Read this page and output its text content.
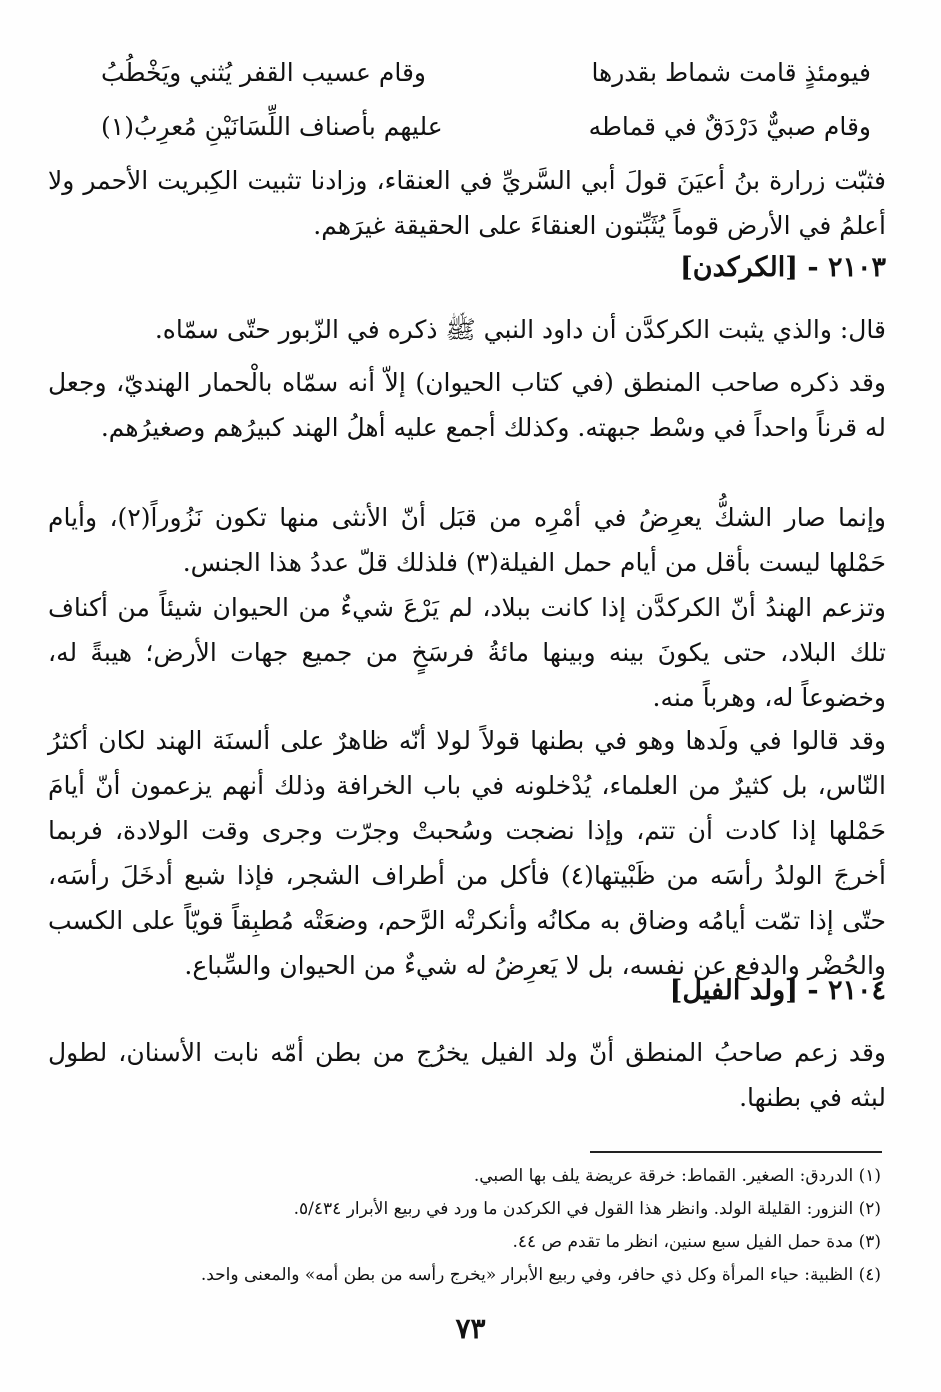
فيومئذٍ قامت شماط بقدرها
وقام عسيب القفر يُثني ويَخْطُبُ
وقام صبيٌّ دَرْدَقٌ في قماطه
عليهم بأصناف اللِّسَانَيْنِ مُعرِبُ(١)

فثبّت زرارة بنُ أعيَنَ قولَ أبي السَّريِّ في العنقاء، وزادنا تثبيت الكِبريت الأحمر ولا أعلمُ في الأرض قوماً يُثَبِّتون العنقاءَ على الحقيقة غيرَهم.

٢١٠٣ - [الكركدن]

قال: والذي يثبت الكركدَّن أن داود النبي ﷺ ذكره في الزّبور حتّى سمّاه.

وقد ذكره صاحب المنطق (في كتاب الحيوان) إلاّ أنه سمّاه بالْحمار الهنديّ، وجعل له قرناً واحداً في وسْط جبهته. وكذلك أجمع عليه أهلُ الهند كبيرُهم وصغيرُهم.

وإنما صار الشكُّ يعرِضُ في أمْرِه من قبَل أنّ الأنثى منها تكون نَزُوراً(٢)، وأيام حَمْلها ليست بأقل من أيام حمل الفيلة(٣) فلذلك قلّ عددُ هذا الجنس.

وتزعم الهندُ أنّ الكركدَّن إذا كانت ببلاد، لم يَرْعَ شيءٌ من الحيوان شيئاً من أكناف تلك البلاد، حتى يكونَ بينه وبينها مائةُ فرسَخٍ من جميع جهات الأرض؛ هيبةً له، وخضوعاً له، وهرباً منه.

وقد قالوا في ولَدها وهو في بطنها قولاً لولا أنّه ظاهرٌ على ألسنَة الهند لكان أكثرُ النّاس، بل كثيرٌ من العلماء، يُدْخلونه في باب الخرافة وذلك أنهم يزعمون أنّ أيامَ حَمْلها إذا كادت أن تتم، وإذا نضجت وسُحبتْ وجرّت وجرى وقت الولادة، فربما أخرجَ الولدُ رأسَه من ظَبْيتها(٤) فأكل من أطراف الشجر، فإذا شبع أدخَلَ رأسَه، حتّى إذا تمّت أيامُه وضاق به مكانُه وأنكرتْه الرَّحم، وضعَتْه مُطبِقاً قويّاً على الكسب والحُضْر والدفع عن نفسه، بل لا يَعرِضُ له شيءٌ من الحيوان والسِّباع.

٢١٠٤ - [ولد الفيل]

وقد زعم صاحبُ المنطق أنّ ولد الفيل يخرُج من بطن أمّه نابت الأسنان، لطول لبثه في بطنها.

(١) الدردق: الصغير. القماط: خرقة عريضة يلف بها الصبي.

(٢) النزور: القليلة الولد. وانظر هذا القول في الكركدن ما ورد في ربيع الأبرار ٥/٤٣٤.

(٣) مدة حمل الفيل سبع سنين، انظر ما تقدم ص ٤٤.

(٤) الظبية: حياء المرأة وكل ذي حافر، وفي ربيع الأبرار «يخرج رأسه من بطن أمه» والمعنى واحد.

٧٣
